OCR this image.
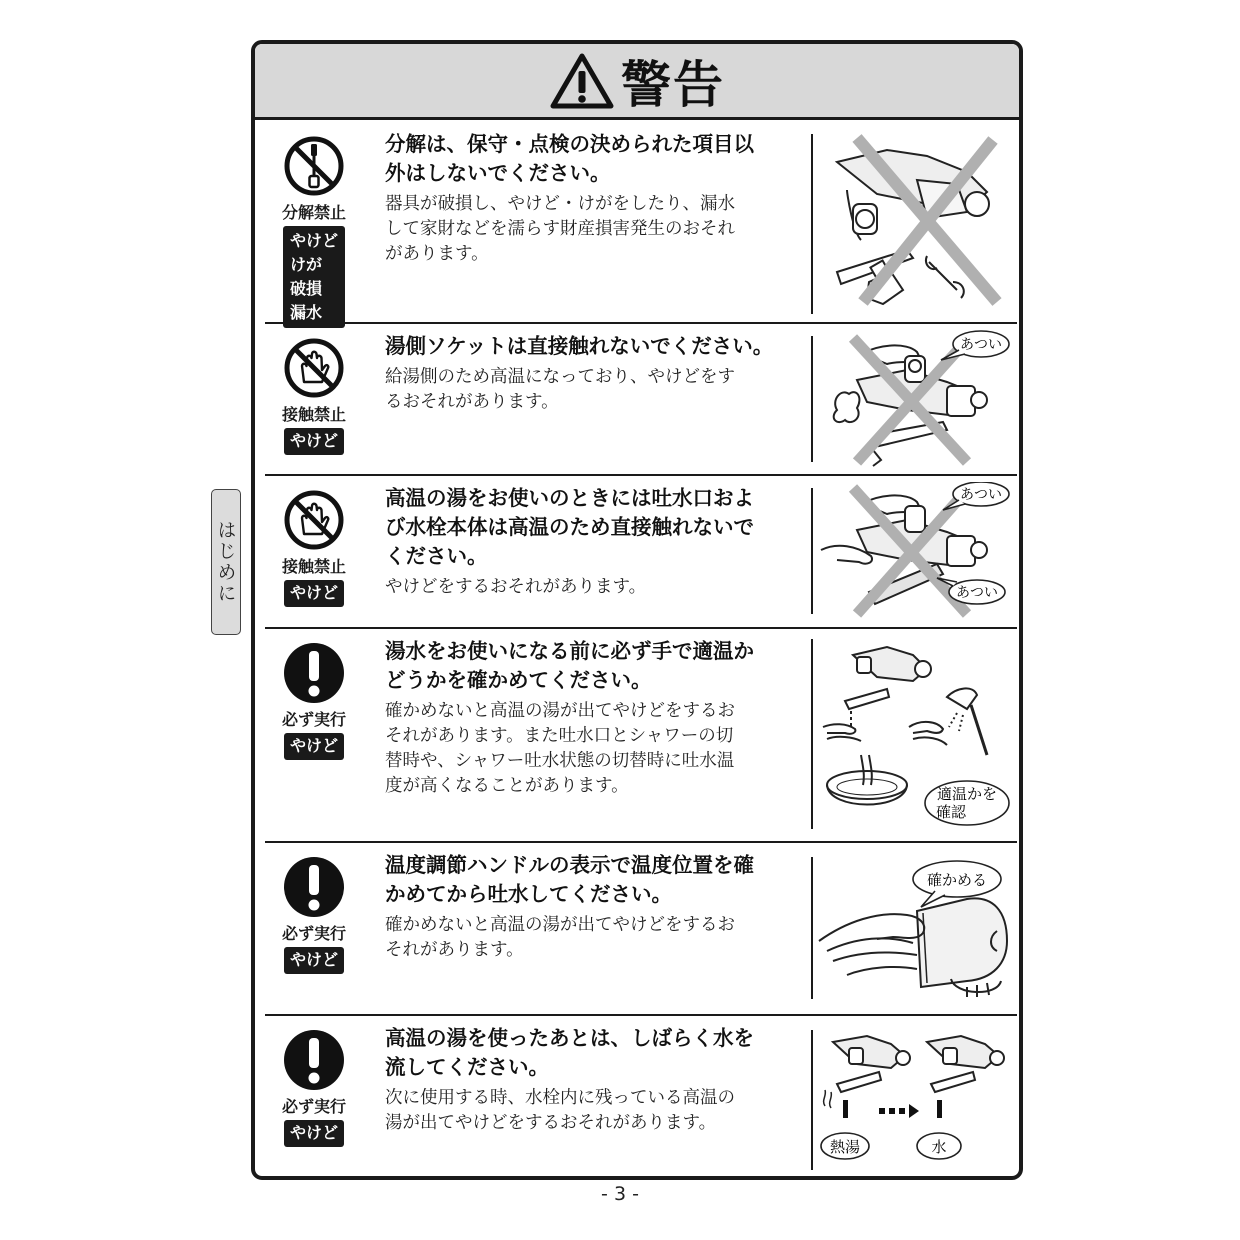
はじめに
警告
分解禁止
やけど
けが
破損
漏水

分解は、保守・点検の決められた項目以
外はしないでください。

器具が破損し、やけど・けがをしたり、漏水
して家財などを濡らす財産損害発生のおそれ
があります。

接触禁止
やけど

湯側ソケットは直接触れないでください。

給湯側のため高温になっており、やけどをす
るおそれがあります。

あつい
接触禁止
やけど

高温の湯をお使いのときには吐水口およ
び水栓本体は高温のため直接触れないで
ください。

やけどをするおそれがあります。

あつい
あつい
必ず実行
やけど

湯水をお使いになる前に必ず手で適温か
どうかを確かめてください。

確かめないと高温の湯が出てやけどをするお
それがあります。また吐水口とシャワーの切
替時や、シャワー吐水状態の切替時に吐水温
度が高くなることがあります。	適温かを
確認
必ず実行
やけど

温度調節ハンドルの表示で温度位置を確
かめてから吐水してください。

確かめないと高温の湯が出てやけどをするお
それがあります。

確かめる
必ず実行
やけど

高温の湯を使ったあとは、しばらく水を
流してください。

次に使用する時、水栓内に残っている高温の
湯が出てやけどをするおそれがあります。

熱湯	水
- 3 -
